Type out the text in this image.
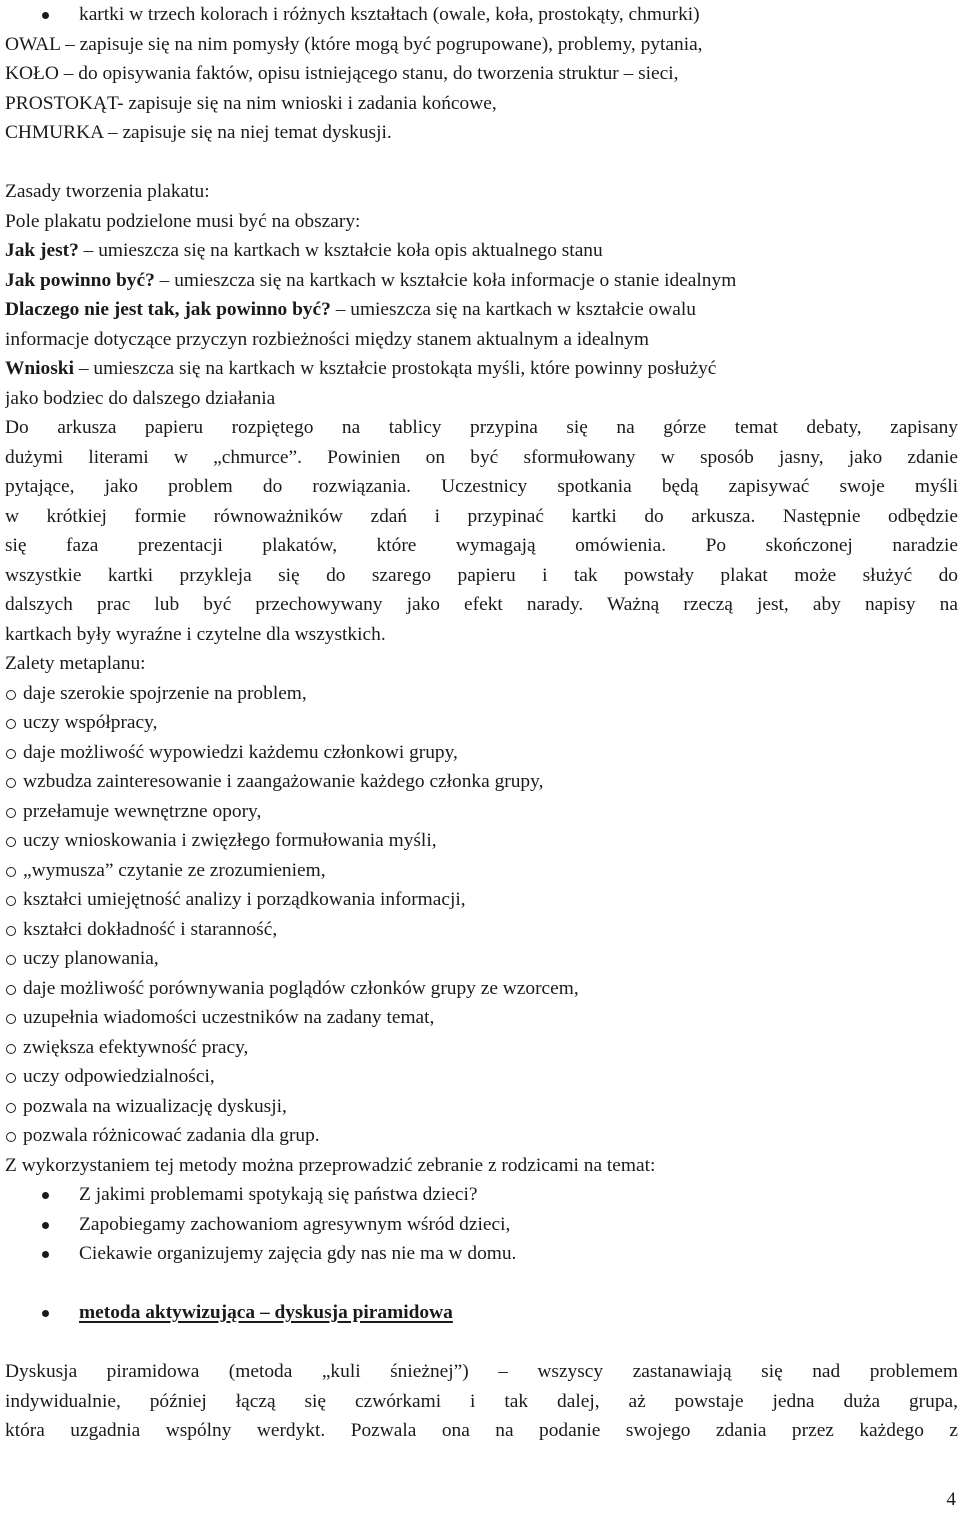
kartki w trzech kolorach i różnych kształtach (owale, koła, prostokąty, chmurki)
OWAL – zapisuje się na nim pomysły (które mogą być pogrupowane), problemy, pytania,
KOŁO – do opisywania faktów, opisu istniejącego stanu, do tworzenia struktur – sieci,
PROSTOKĄT- zapisuje się na nim wnioski i zadania końcowe,
CHMURKA – zapisuje się na niej temat dyskusji.
Zasady tworzenia plakatu:
Pole plakatu podzielone musi być na obszary:
Jak jest? – umieszcza się na kartkach w kształcie koła opis aktualnego stanu
Jak powinno być? – umieszcza się na kartkach w kształcie koła informacje o stanie idealnym
Dlaczego nie jest tak, jak powinno być? – umieszcza się na kartkach w kształcie owalu
informacje dotyczące przyczyn rozbieżności między stanem aktualnym a idealnym
Wnioski – umieszcza się na kartkach w kształcie prostokąta myśli, które powinny posłużyć
jako bodziec do dalszego działania
Do arkusza papieru rozpiętego na tablicy przypina się na górze temat debaty, zapisany
dużymi literami w „chmurce”. Powinien on być sformułowany w sposób jasny, jako zdanie
pytające, jako problem do rozwiązania. Uczestnicy spotkania będą zapisywać swoje myśli
w krótkiej formie równoważników zdań i przypinać kartki do arkusza. Następnie odbędzie
się faza prezentacji plakatów, które wymagają omówienia. Po skończonej naradzie
wszystkie kartki przykleja się do szarego papieru i tak powstały plakat może służyć do
dalszych prac lub być przechowywany jako efekt narady. Ważną rzeczą jest, aby napisy na
kartkach były wyraźne i czytelne dla wszystkich.
Zalety metaplanu:
daje szerokie spojrzenie na problem,
uczy współpracy,
daje możliwość wypowiedzi każdemu członkowi grupy,
wzbudza zainteresowanie i zaangażowanie każdego członka grupy,
przełamuje wewnętrzne opory,
uczy wnioskowania i zwięzłego formułowania myśli,
„wymusza” czytanie ze zrozumieniem,
kształci umiejętność analizy i porządkowania informacji,
kształci dokładność i staranność,
uczy planowania,
daje możliwość porównywania poglądów członków grupy ze wzorcem,
uzupełnia wiadomości uczestników na zadany temat,
zwiększa efektywność pracy,
uczy odpowiedzialności,
pozwala na wizualizację dyskusji,
pozwala różnicować zadania dla grup.
Z wykorzystaniem tej metody można przeprowadzić zebranie z rodzicami na temat:
Z jakimi problemami spotykają się państwa dzieci?
Zapobiegamy zachowaniom agresywnym wśród dzieci,
Ciekawie organizujemy zajęcia gdy nas nie ma w domu.
metoda aktywizująca – dyskusja piramidowa
Dyskusja piramidowa (metoda „kuli śnieżnej”) – wszyscy zastanawiają się nad problemem
indywidualnie, później łączą się czwórkami i tak dalej, aż powstaje jedna duża grupa,
która uzgadnia wspólny werdykt. Pozwala ona na podanie swojego zdania przez każdego z
4
